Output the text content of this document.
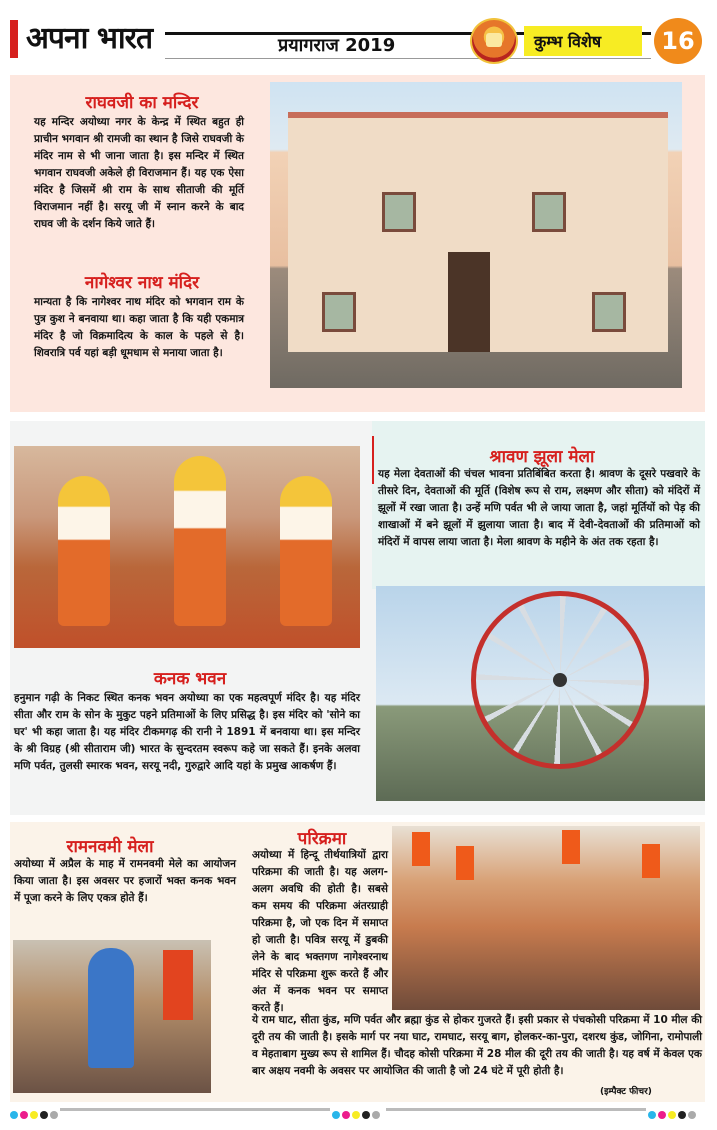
अपना भारत	प्रयागराज 2019	कुम्भ विशेष	16
राघवजी का मन्दिर
यह मन्दिर अयोध्या नगर के केन्द्र में स्थित बहुत ही प्राचीन भगवान श्री रामजी का स्थान है जिसे राघवजी के मंदिर नाम से भी जाना जाता है। इस मन्दिर में स्थित भगवान राघवजी अकेले ही विराजमान हैं। यह एक ऐसा मंदिर है जिसमें श्री राम के साथ सीताजी की मूर्ति विराजमान नहीं है। सरयू जी में स्नान करने के बाद राघव जी के दर्शन किये जाते हैं।
नागेश्वर नाथ मंदिर
मान्यता है कि नागेश्वर नाथ मंदिर को भगवान राम के पुत्र कुश ने बनवाया था। कहा जाता है कि यही एकमात्र मंदिर है जो विक्रमादित्य के काल के पहले से है। शिवरात्रि पर्व यहां बड़ी धूमधाम से मनाया जाता है।
श्रावण झूला मेला
यह मेला देवताओं की चंचल भावना प्रतिबिंबित करता है। श्रावण के दूसरे पखवारे के तीसरे दिन, देवताओं की मूर्ति (विशेष रूप से राम, लक्ष्मण और सीता) को मंदिरों में झूलों में रखा जाता है। उन्हें मणि पर्वत भी ले जाया जाता है, जहां मूर्तियों को पेड़ की शाखाओं में बने झूलों में झुलाया जाता है। बाद में देवी-देवताओं की प्रतिमाओं को मंदिरों में वापस लाया जाता है। मेला श्रावण के महीने के अंत तक रहता है।
कनक भवन
हनुमान गढ़ी के निकट स्थित कनक भवन अयोध्या का एक महत्वपूर्ण मंदिर है। यह मंदिर सीता और राम के सोन के मुकुट पहने प्रतिमाओं के लिए प्रसिद्ध है। इस मंदिर को 'सोने का घर' भी कहा जाता है। यह मंदिर टीकमगढ़ की रानी ने 1891 में बनवाया था। इस मन्दिर के श्री विग्रह (श्री सीताराम जी) भारत के सुन्दरतम स्वरूप कहे जा सकते हैं। इनके अलवा मणि पर्वत, तुलसी स्मारक भवन, सरयू नदी, गुरुद्वारे आदि यहां के प्रमुख आकर्षण हैं।
रामनवमी मेला
अयोध्या में अप्रैल के माह में रामनवमी मेले का आयोजन किया जाता है। इस अवसर पर हजारों भक्त कनक भवन में पूजा करने के लिए एकत्र होते हैं।
परिक्रमा
अयोध्या में हिन्दू तीर्थयात्रियों द्वारा परिक्रमा की जाती है। यह अलग-अलग अवधि की होती है। सबसे कम समय की परिक्रमा अंतरग्राही परिक्रमा है, जो एक दिन में समाप्त हो जाती है। पवित्र सरयू में डुबकी लेने के बाद भक्तगण नागेश्वरनाथ मंदिर से परिक्रमा शुरू करते हैं और अंत में कनक भवन पर समाप्त करते हैं।
ये राम घाट, सीता कुंड, मणि पर्वत और ब्रह्मा कुंड से होकर गुजरते हैं। इसी प्रकार से पंचकोसी परिक्रमा में 10 मील की दूरी तय की जाती है। इसके मार्ग पर नया घाट, रामघाट, सरयू बाग, होलकर-का-पुरा, दशरथ कुंड, जोगिना, रामोपाली व मेहताबाग मुख्य रूप से शामिल हैं। चौदह कोसी परिक्रमा में 28 मील की दूरी तय की जाती है। यह वर्ष में केवल एक बार अक्षय नवमी के अवसर पर आयोजित की जाती है जो 24 घंटे में पूरी होती है।
(इम्पैक्ट फीचर)
